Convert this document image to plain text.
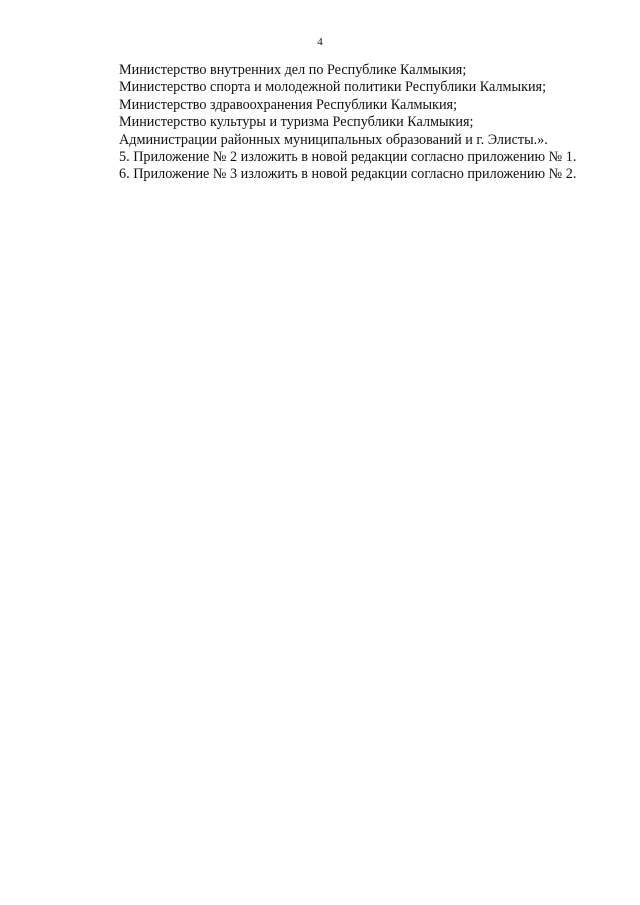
4
Министерство внутренних дел по Республике Калмыкия;
Министерство спорта и молодежной политики Республики Калмыкия;
Министерство здравоохранения Республики Калмыкия;
Министерство культуры и туризма Республики Калмыкия;
Администрации районных муниципальных образований и г. Элисты.».
5. Приложение № 2 изложить в новой редакции согласно приложению № 1.
6. Приложение № 3 изложить в новой редакции согласно приложению № 2.
